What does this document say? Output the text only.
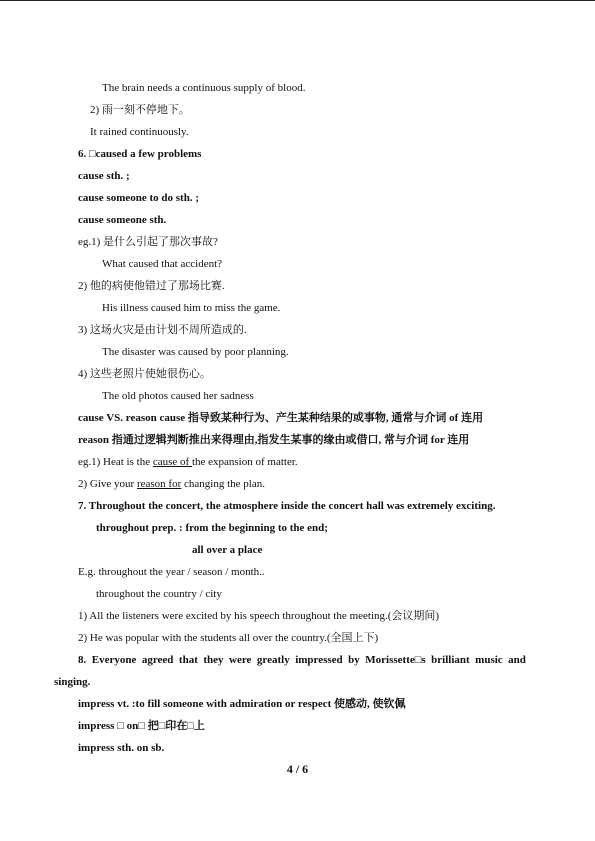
The brain needs a continuous supply of blood.
2) 雨一刻不停地下。
It rained continuously.
6. □caused a few problems
cause sth. ;
cause someone to do sth. ;
cause someone sth.
eg.1) 是什么引起了那次事故?
What caused that accident?
2) 他的病使他错过了那场比赛.
His illness caused him to miss the game.
3) 这场火灾是由计划不周所造成的.
The disaster was caused by poor planning.
4) 这些老照片使她很伤心。
The old photos caused her sadness
cause VS. reason cause 指导致某种行为、产生某种结果的或事物, 通常与介词 of 连用
reason 指通过逻辑判断推出来得理由,指发生某事的缘由或借口, 常与介词 for 连用
eg.1) Heat is the cause of the expansion of matter.
2) Give your reason for changing the plan.
7. Throughout the concert, the atmosphere inside the concert hall was extremely exciting.
throughout prep. : from the beginning to the end;
all over a place
E.g. throughout the year / season / month..
throughout the country / city
1) All the listeners were excited by his speech throughout the meeting.(会议期间)
2) He was popular with the students all over the country.(全国上下)
8.  Everyone  agreed  that  they  were  greatly  impressed  by  Morissette□s  brilliant  music  and
singing.
impress vt. :to fill someone with admiration or respect 使感动, 使钦佩
impress □ on□ 把□印在□上
impress sth. on sb.
4 / 6
